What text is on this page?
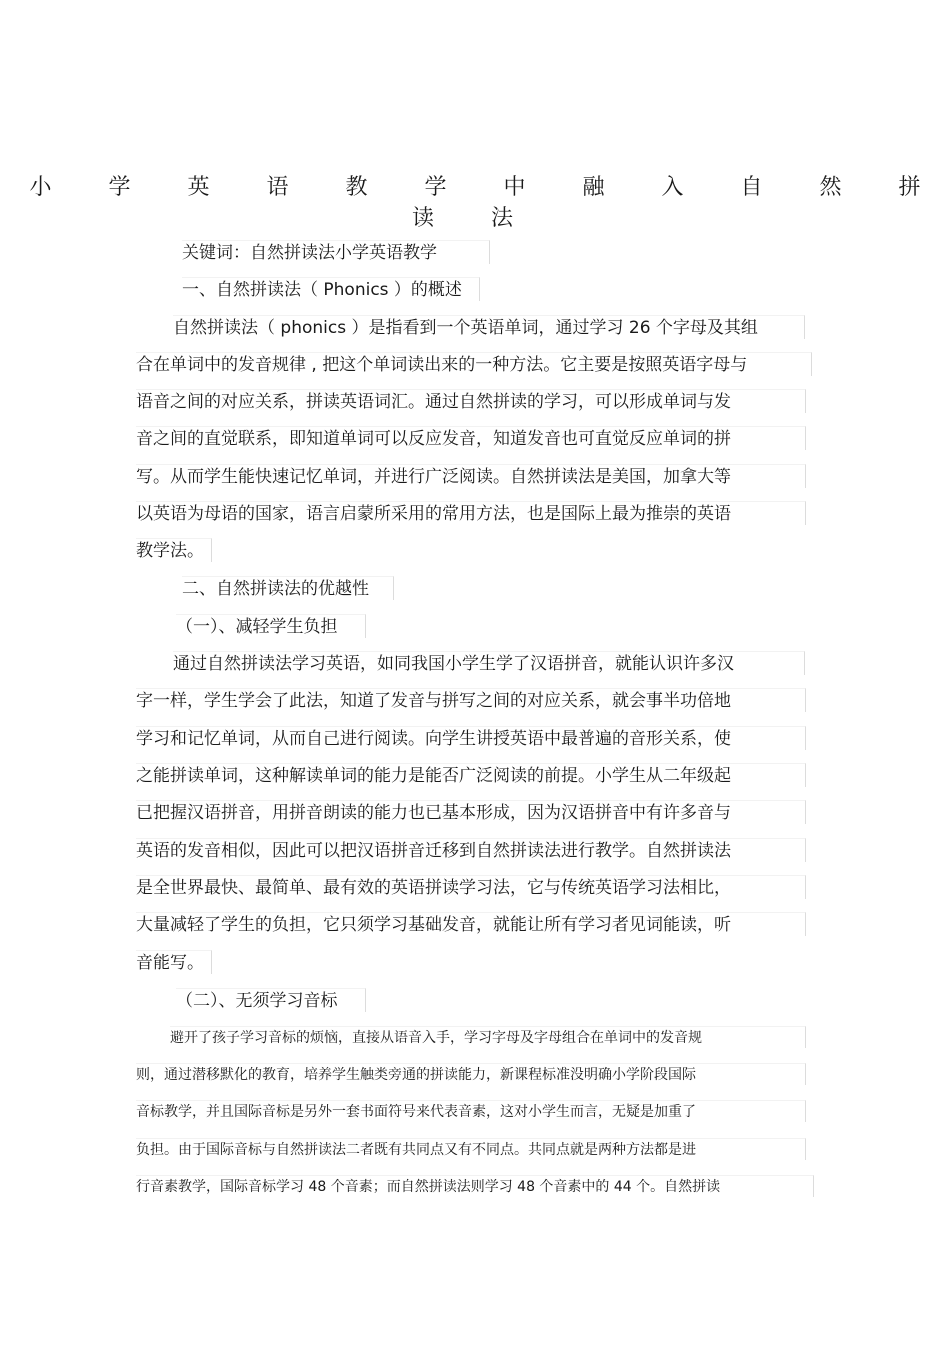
小 学 英 语 教 学 中 融 入 自 然 拼 读 法
关键词：自然拼读法小学英语教学
一、自然拼读法（ Phonics ）的概述
自然拼读法（ phonics ）是指看到一个英语单词，通过学习 26 个字母及其组
合在单词中的发音规律 , 把这个单词读出来的一种方法。它主要是按照英语字母与
语音之间的对应关系，拼读英语词汇。通过自然拼读的学习，可以形成单词与发
音之间的直觉联系，即知道单词可以反应发音，知道发音也可直觉反应单词的拼
写。从而学生能快速记忆单词，并进行广泛阅读。自然拼读法是美国，加拿大等
以英语为母语的国家，语言启蒙所采用的常用方法，也是国际上最为推崇的英语
教学法。
二、自然拼读法的优越性
（一）、减轻学生负担
通过自然拼读法学习英语，如同我国小学生学了汉语拼音，就能认识许多汉
字一样，学生学会了此法，知道了发音与拼写之间的对应关系，就会事半功倍地
学习和记忆单词，从而自己进行阅读。向学生讲授英语中最普遍的音形关系，使
之能拼读单词，这种解读单词的能力是能否广泛阅读的前提。小学生从二年级起
已把握汉语拼音，用拼音朗读的能力也已基本形成，因为汉语拼音中有许多音与
英语的发音相似，因此可以把汉语拼音迁移到自然拼读法进行教学。自然拼读法
是全世界最快、最简单、最有效的英语拼读学习法，它与传统英语学习法相比，
大量减轻了学生的负担，它只须学习基础发音，就能让所有学习者见词能读，听
音能写。
（二）、无须学习音标
避开了孩子学习音标的烦恼，直接从语音入手，学习字母及字母组合在单词中的发音规
则，通过潜移默化的教育，培养学生触类旁通的拼读能力，新课程标准没明确小学阶段国际
音标教学，并且国际音标是另外一套书面符号来代表音素，这对小学生而言，无疑是加重了
负担。由于国际音标与自然拼读法二者既有共同点又有不同点。共同点就是两种方法都是进
行音素教学，国际音标学习 48 个音素；而自然拼读法则学习 48 个音素中的 44 个。自然拼读
